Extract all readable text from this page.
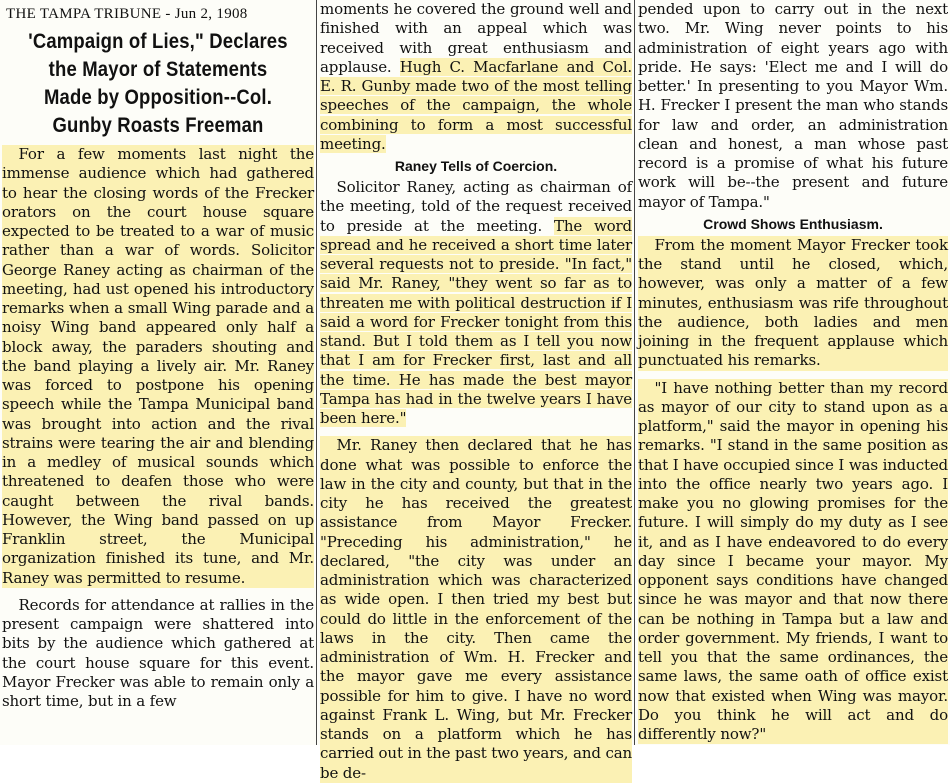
THE TAMPA TRIBUNE - Jun 2, 1908
'Campaign of Lies," Declares the Mayor of Statements Made by Opposition--Col. Gunby Roasts Freeman

For a few moments last night the immense audience which had gathered to hear the closing words of the Frecker orators on the court house square expected to be treated to a war of music rather than a war of words. Solicitor George Raney acting as chairman of the meeting, had ust opened his introductory remarks when a small Wing parade and a noisy Wing band appeared only half a block away, the paraders shouting and the band playing a lively air. Mr. Raney was forced to postpone his opening speech while the Tampa Municipal band was brought into action and the rival strains were tearing the air and blending in a medley of musical sounds which threatened to deafen those who were caught between the rival bands. However, the Wing band passed on up Franklin street, the Municipal organization finished its tune, and Mr. Raney was permitted to resume.

Records for attendance at rallies in the present campaign were shattered into bits by the audience which gathered at the court house square for this event. Mayor Frecker was able to remain only a short time, but in a few

moments he covered the ground well and finished with an appeal which was received with great enthusiasm and applause. Hugh C. Macfarlane and Col. E. R. Gunby made two of the most telling speeches of the campaign, the whole combining to form a most successful meeting.

Raney Tells of Coercion.

Solicitor Raney, acting as chairman of the meeting, told of the request received to preside at the meeting. The word spread and he received a short time later several requests not to preside. "In fact," said Mr. Raney, "they went so far as to threaten me with political destruction if I said a word for Frecker tonight from this stand. But I told them as I tell you now that I am for Frecker first, last and all the time. He has made the best mayor Tampa has had in the twelve years I have been here."

Mr. Raney then declared that he has done what was possible to enforce the law in the city and county, but that in the city he has received the greatest assistance from Mayor Frecker. "Preceding his administration," he declared, "the city was under an administration which was characterized as wide open. I then tried my best but could do little in the enforcement of the laws in the city. Then came the administration of Wm. H. Frecker and the mayor gave me every assistance possible for him to give. I have no word against Frank L. Wing, but Mr. Frecker stands on a platform which he has carried out in the past two years, and can be de-

pended upon to carry out in the next two. Mr. Wing never points to his administration of eight years ago with pride. He says: 'Elect me and I will do better.' In presenting to you Mayor Wm. H. Frecker I present the man who stands for law and order, an administration clean and honest, a man whose past record is a promise of what his future work will be--the present and future mayor of Tampa."

Crowd Shows Enthusiasm.

From the moment Mayor Frecker took the stand until he closed, which, however, was only a matter of a few minutes, enthusiasm was rife throughout the audience, both ladies and men joining in the frequent applause which punctuated his remarks.

"I have nothing better than my record as mayor of our city to stand upon as a platform," said the mayor in opening his remarks. "I stand in the same position as that I have occupied since I was inducted into the office nearly two years ago. I make you no glowing promises for the future. I will simply do my duty as I see it, and as I have endeavored to do every day since I became your mayor. My opponent says conditions have changed since he was mayor and that now there can be nothing in Tampa but a law and order government. My friends, I want to tell you that the same ordinances, the same laws, the same oath of office exist now that existed when Wing was mayor. Do you think he will act and do differently now?"
